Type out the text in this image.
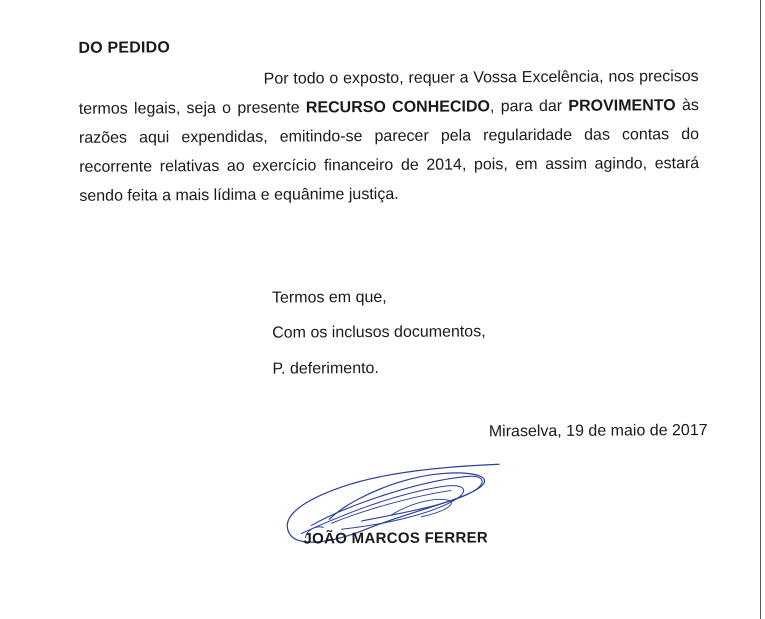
DO PEDIDO
Por todo o exposto, requer a Vossa Excelência, nos precisos termos legais, seja o presente RECURSO CONHECIDO, para dar PROVIMENTO às razões aqui expendidas, emitindo-se parecer pela regularidade das contas do recorrente relativas ao exercício financeiro de 2014, pois, em assim agindo, estará sendo feita a mais lídima e equânime justiça.
Termos em que,
Com os inclusos documentos,
P. deferimento.
Miraselva, 19 de maio de 2017
JOÃO MARCOS FERRER
